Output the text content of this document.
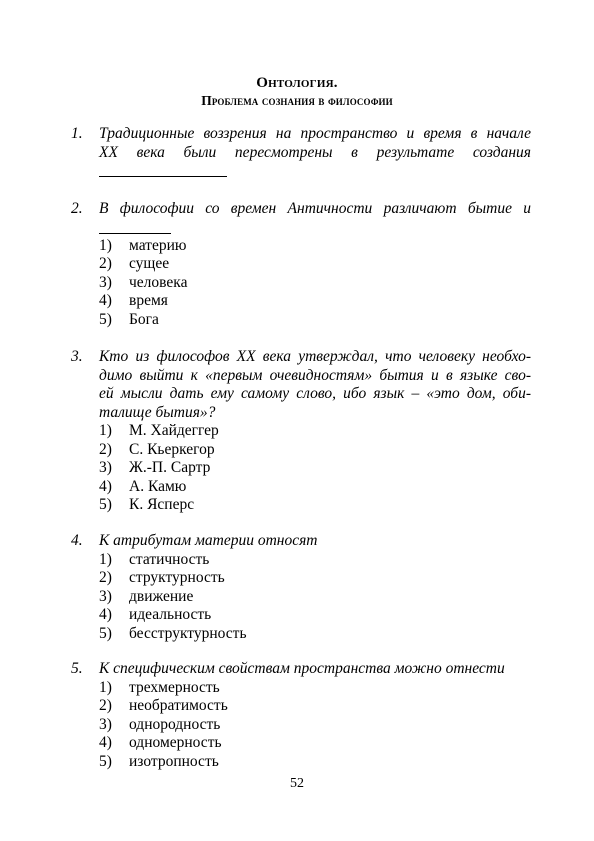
Онтология.
Проблема сознания в философии
1. Традиционные воззрения на пространство и время в начале
XX века были пересмотрены в результате создания
2. В философии со времен Античности различают бытие и
1)	материю
2)	сущее
3)	человека
4)	время
5)	Бога
3. Кто из философов XX века утверждал, что человеку необхо-
димо выйти к «первым очевидностям» бытия и в языке сво-
ей мысли дать ему самому слово, ибо язык – «это дом, оби-
талище бытия»?
1)	М. Хайдеггер
2)	С. Кьеркегор
3)	Ж.-П. Сартр
4)	А. Камю
5)	К. Ясперс
4. К атрибутам материи относят
1)	статичность
2)	структурность
3)	движение
4)	идеальность
5)	бесструктурность
5. К специфическим свойствам пространства можно отнести
1)	трехмерность
2)	необратимость
3)	однородность
4)	одномерность
5)	изотропность
52
